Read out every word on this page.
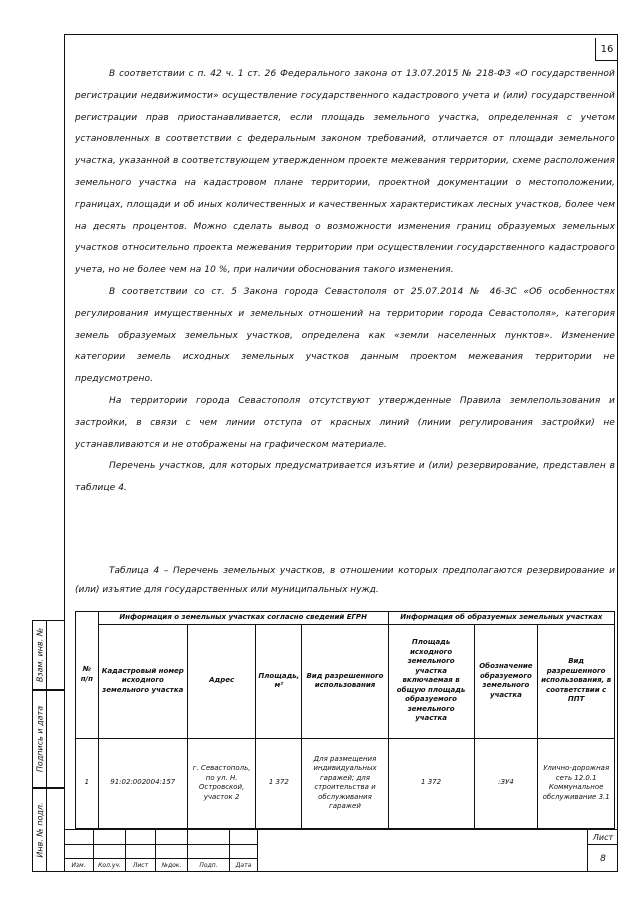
16

В соответствии с п. 42 ч. 1 ст. 26 Федерального закона от 13.07.2015 № 218-ФЗ «О государственной регистрации недвижимости» осуществление государственного кадастрового учета и (или) государственной регистрации прав приостанавливается, если площадь земельного участка, определенная с учетом установленных в соответствии с федеральным законом требований, отличается от площади земельного участка, указанной в соответствующем утвержденном проекте межевания территории, схеме расположения земельного участка на кадастровом плане территории, проектной документации о местоположении, границах, площади и об иных количественных и качественных характеристиках лесных участков, более чем на десять процентов. Можно сделать вывод о возможности изменения границ образуемых земельных участков относительно проекта межевания территории при осуществлении государственного кадастрового учета, но не более чем на 10 %, при наличии обоснования такого изменения.

В соответствии со ст. 5 Закона города Севастополя от 25.07.2014 № 46-ЗС «Об особенностях регулирования имущественных и земельных отношений на территории города Севастополя», категория земель образуемых земельных участков, определена как «земли населенных пунктов». Изменение категории земель исходных земельных участков данным проектом межевания территории не предусмотрено.

На территории города Севастополя отсутствуют утвержденные Правила землепользования и застройки, в связи с чем линии отступа от красных линий (линии регулирования застройки) не устанавливаются и не отображены на графическом материале.

Перечень участков, для которых предусматривается изъятие и (или) резервирование, представлен в таблице 4.

Таблица 4 – Перечень земельных участков, в отношении которых предполагаются резервирование и (или) изъятие для государственных или муниципальных нужд.

№ п/п	Информация о земельных участках согласно сведений ЕГРН				Информация об образуемых земельных участках		
	Кадастровый номер исходного земельного участка	Адрес	Площадь, м²	Вид разрешенного использования	Площадь исходного земельного участка включаемая в общую площадь образуемого земельного участка	Обозначение образуемого земельного участка	Вид разрешенного использования, в соответствии с ППТ
1	91:02:002004:157	г. Севастополь, по ул. Н. Островской, участок 2	1 372	Для размещения индивидуальных гаражей; для строительства и обслуживания гаражей	1 372	:ЗУ4	Улично-дорожная сеть 12.0.1 Коммунальное обслуживание 3.1
Взам. инв. №
Подпись и дата
Инв. № подл.
Изм.	Кол.уч.	Лист	№док.	Подп.	Дата
Лист
8
